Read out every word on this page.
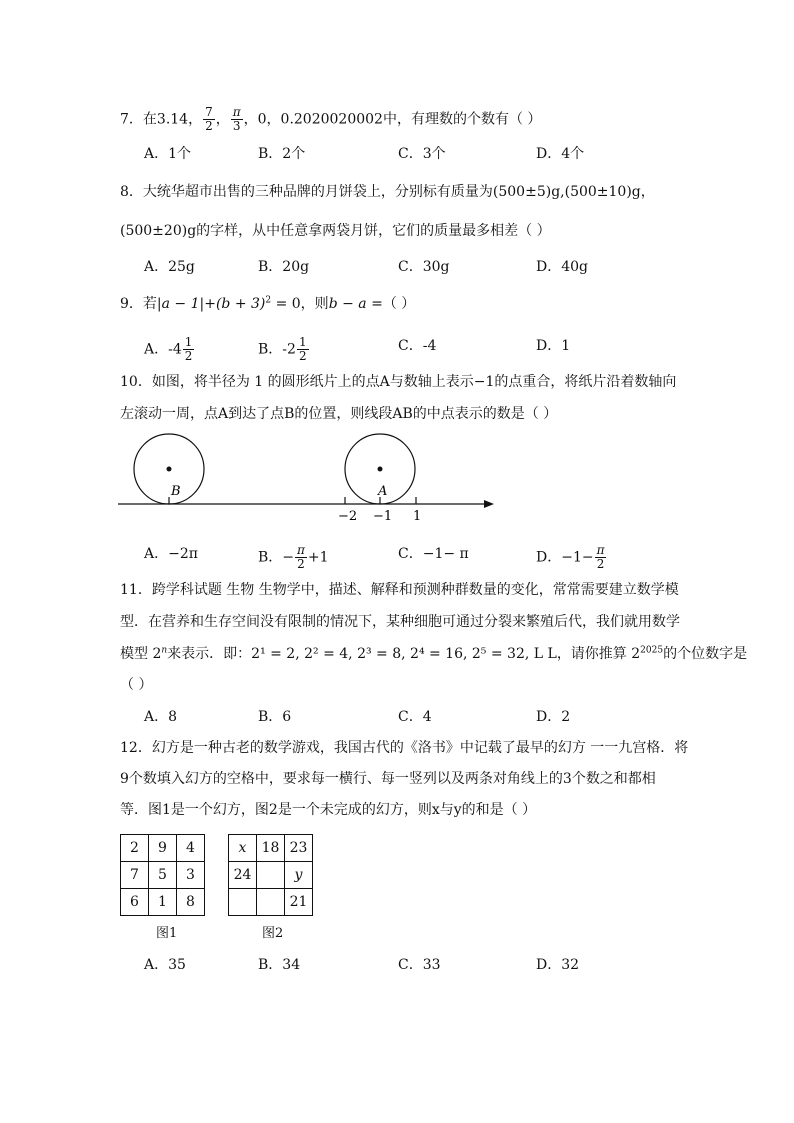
7．在3.14， $\frac{7}{2}$ ， $\frac{\pi}{3}$ ，0，0.2020020002中，有理数的个数有（ ）
A．1个	B．2个	C．3个	D．4个
8．大统华超市出售的三种品牌的月饼袋上，分别标有质量为(500±5)g,(500±10)g，
(500±20)g的字样，从中任意拿两袋月饼，它们的质量最多相差（ ）
A．25g	B．20g	C．30g	D．40g
9．若$|a - 1|+(b + 3)^2 = 0$，则b − a =（ ）
A．$-4 \frac{1}{2}$	B．$-2 \frac{1}{2}$	C．-4	D．1
10．如图，将半径为 1 的圆形纸片上的点A与数轴上表示−1的点重合，将纸片沿着数轴向
左滚动一周，点A到达了点B的位置，则线段AB的中点表示的数是（ ）
B	A
−2 −1 1
A．−2π	B．− $\frac{\pi}{2} +1$	C．−1− π	D．$-1- \frac{\pi}{2}$
11．跨学科试题 生物 生物学中，描述、解释和预测种群数量的变化，常常需要建立数学模
型．在营养和生存空间没有限制的情况下，某种细胞可通过分裂来繁殖后代，我们就用数学
模型 2$^n$来表示．即：2¹ = 2, 2² = 4, 2³ = 8, 2⁴ = 16, 2⁵ = 32, L L，请你推算 $2^{2025}$的个位数字是
（ ）
A．8	B．6	C．4	D．2
12．幻方是一种古老的数学游戏，我国古代的《洛书》中记载了最早的幻方 一一九宫格．将
9个数填入幻方的空格中，要求每一横行、每一竖列以及两条对角线上的3个数之和都相
等．图1是一个幻方，图2是一个未完成的幻方，则x与y的和是（ ）
2	9	4
7	5	3
6	1	8
x	18	23
24		y
		21
图1	图2
A．35	B．34	C．33	D．32
